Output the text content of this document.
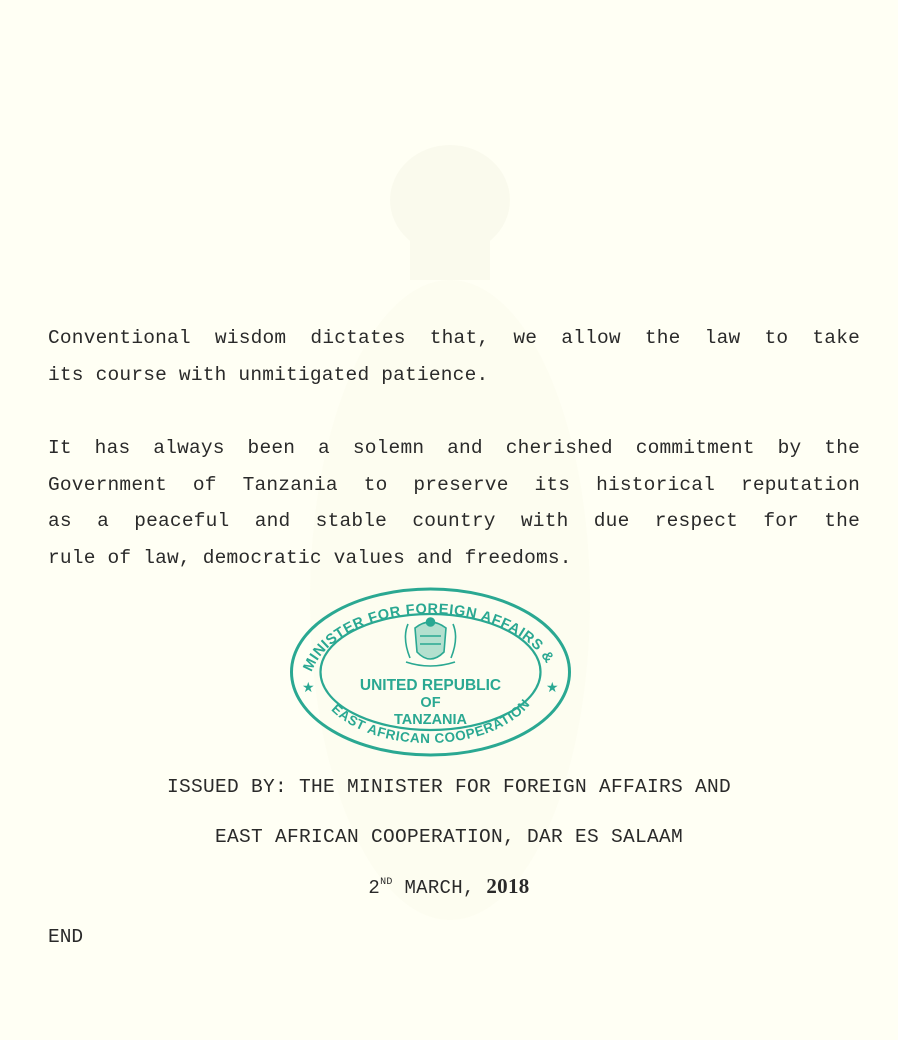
Conventional wisdom dictates that, we allow the law to take
its course with unmitigated patience.

It has always been a solemn and cherished commitment by the
Government of Tanzania to preserve its historical reputation
as a peaceful and stable country with due respect for the
rule of law, democratic values and freedoms.

MINISTER FOR FOREIGN AFFAIRS &
EAST AFRICAN COOPERATION
★	★
UNITED REPUBLIC
OF
TANZANIA

ISSUED BY: THE MINISTER FOR FOREIGN AFFAIRS AND

EAST AFRICAN COOPERATION, DAR ES SALAAM

2ND MARCH, 2018

END
